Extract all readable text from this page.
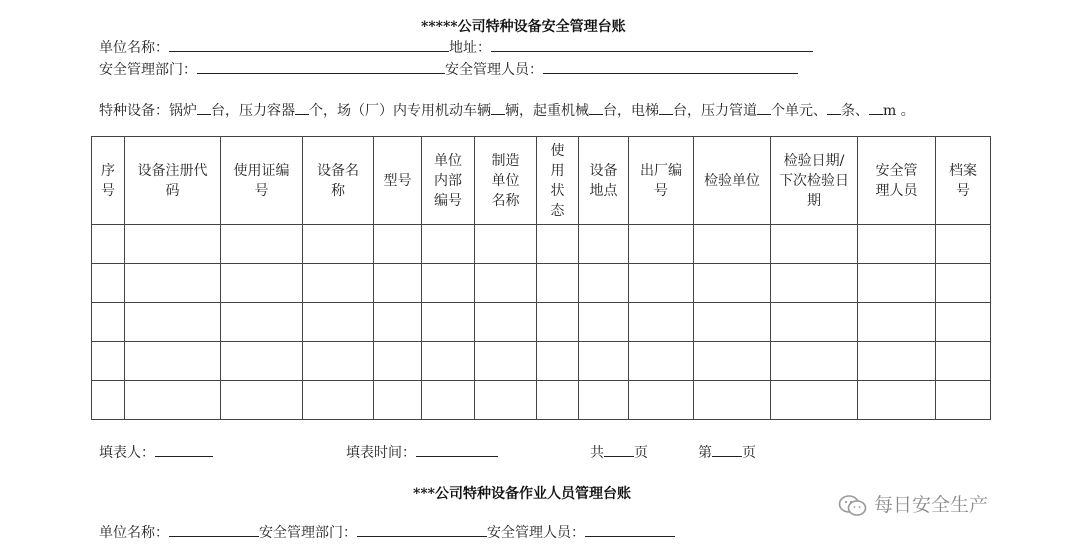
*****公司特种设备安全管理台账
单位名称：	地址：
安全管理部门：	安全管理人员：
特种设备：锅炉 台，压力容器 个，场（厂）内专用机动车辆 辆，起重机械 台，电梯 台，压力管道 个单元、 条、 m 。
序号	设备注册代码	使用证编号	设备名称	型号	单位内部编号	制造单位名称	使用状态	设备地点	出厂编号	检验单位	检验日期/下次检验日期	安全管理人员	档案号

填表人：	填表时间：	共 页	第 页
***公司特种设备作业人员管理台账
单位名称：	安全管理部门：	安全管理人员：
每日安全生产
